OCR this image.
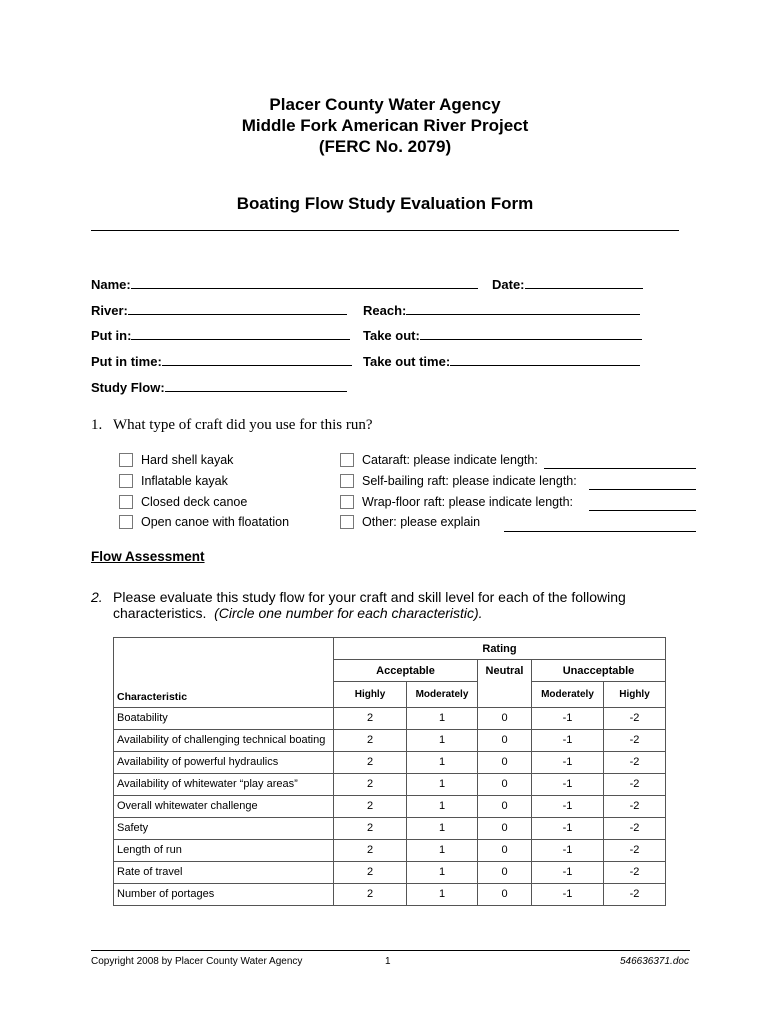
Placer County Water Agency
Middle Fork American River Project
(FERC No. 2079)
Boating Flow Study Evaluation Form
Name:	Date:
River:	Reach:
Put in:	Take out:
Put in time:	Take out time:
Study Flow:
1. What type of craft did you use for this run?
Hard shell kayak
Inflatable kayak
Closed deck canoe
Open canoe with floatation
Cataraft: please indicate length:
Self-bailing raft: please indicate length:
Wrap-floor raft: please indicate length:
Other: please explain
Flow Assessment
2. Please evaluate this study flow for your craft and skill level for each of the following characteristics. (Circle one number for each characteristic).
	Rating				
	Acceptable		Neutral	Unacceptable	
Characteristic	Highly	Moderately		Moderately	Highly
Boatability	2	1	0	-1	-2
Availability of challenging technical boating	2	1	0	-1	-2
Availability of powerful hydraulics	2	1	0	-1	-2
Availability of whitewater “play areas”	2	1	0	-1	-2
Overall whitewater challenge	2	1	0	-1	-2
Safety	2	1	0	-1	-2
Length of run	2	1	0	-1	-2
Rate of travel	2	1	0	-1	-2
Number of portages	2	1	0	-1	-2
Copyright 2008 by Placer County Water Agency	1	546636371.doc
